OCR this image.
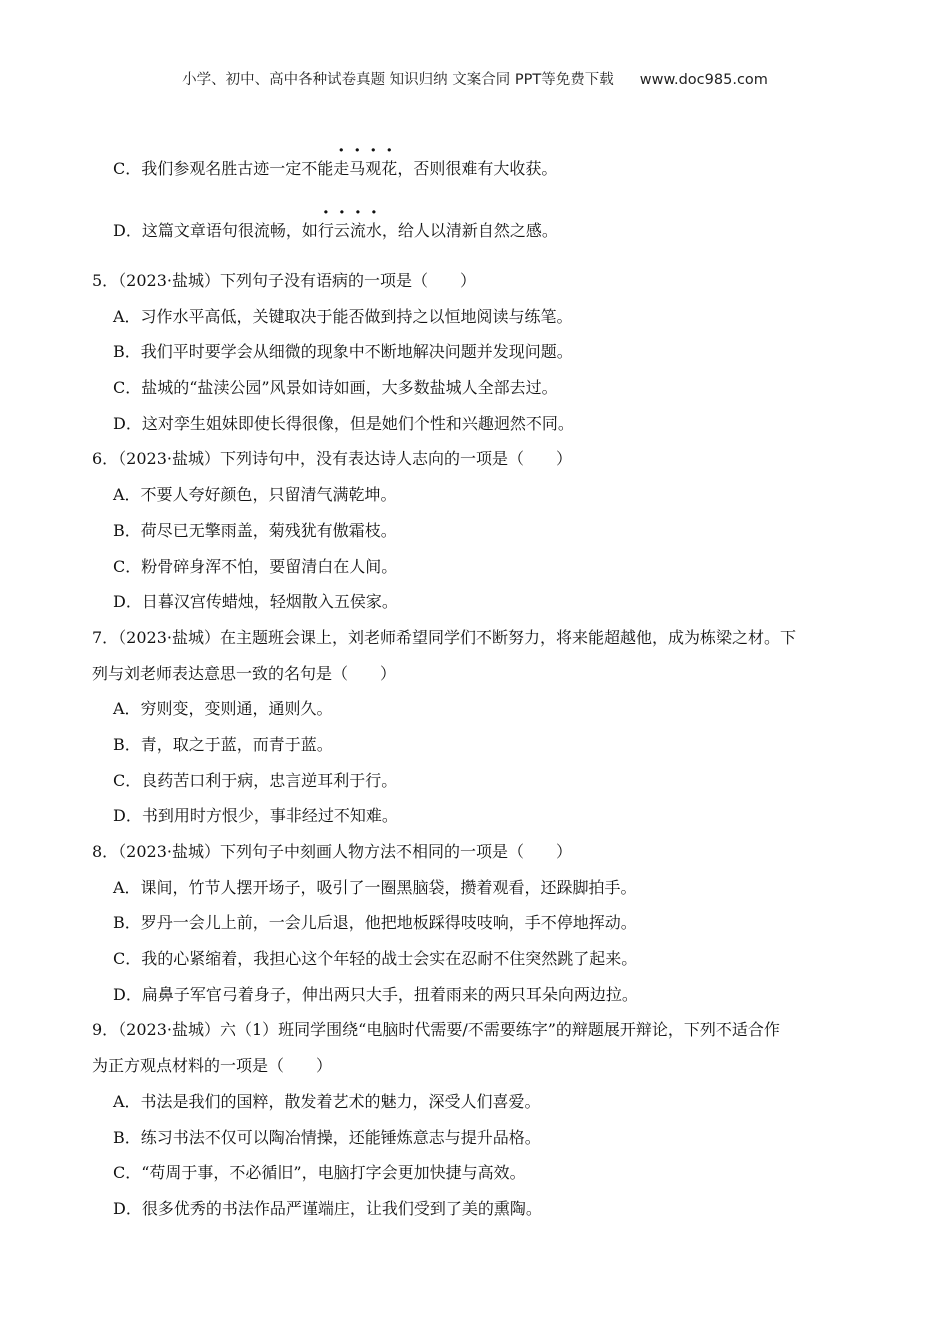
小学、初中、高中各种试卷真题 知识归纳 文案合同 PPT等免费下载 www.doc985.com
C．我们参观名胜古迹一定不能走马观花，否则很难有大收获。
D．这篇文章语句很流畅，如行云流水，给人以清新自然之感。
5．（2023·盐城）下列句子没有语病的一项是（　　）
A．习作水平高低，关键取决于能否做到持之以恒地阅读与练笔。
B．我们平时要学会从细微的现象中不断地解决问题并发现问题。
C．盐城的“盐渎公园”风景如诗如画，大多数盐城人全部去过。
D．这对孪生姐妹即使长得很像，但是她们个性和兴趣迥然不同。
6．（2023·盐城）下列诗句中，没有表达诗人志向的一项是（　　）
A．不要人夸好颜色，只留清气满乾坤。
B．荷尽已无擎雨盖，菊残犹有傲霜枝。
C．粉骨碎身浑不怕，要留清白在人间。
D．日暮汉宫传蜡烛，轻烟散入五侯家。
7．（2023·盐城）在主题班会课上，刘老师希望同学们不断努力，将来能超越他，成为栋梁之材。下
列与刘老师表达意思一致的名句是（　　）
A．穷则变，变则通，通则久。
B．青，取之于蓝，而青于蓝。
C．良药苦口利于病，忠言逆耳利于行。
D．书到用时方恨少，事非经过不知难。
8．（2023·盐城）下列句子中刻画人物方法不相同的一项是（　　）
A．课间，竹节人摆开场子，吸引了一圈黑脑袋，攒着观看，还跺脚拍手。
B．罗丹一会儿上前，一会儿后退，他把地板踩得吱吱响，手不停地挥动。
C．我的心紧缩着，我担心这个年轻的战士会实在忍耐不住突然跳了起来。
D．扁鼻子军官弓着身子，伸出两只大手，扭着雨来的两只耳朵向两边拉。
9．（2023·盐城）六（1）班同学围绕“电脑时代需要/不需要练字”的辩题展开辩论，下列不适合作
为正方观点材料的一项是（　　）
A．书法是我们的国粹，散发着艺术的魅力，深受人们喜爱。
B．练习书法不仅可以陶冶情操，还能锤炼意志与提升品格。
C．“苟周于事，不必循旧”，电脑打字会更加快捷与高效。
D．很多优秀的书法作品严谨端庄，让我们受到了美的熏陶。
